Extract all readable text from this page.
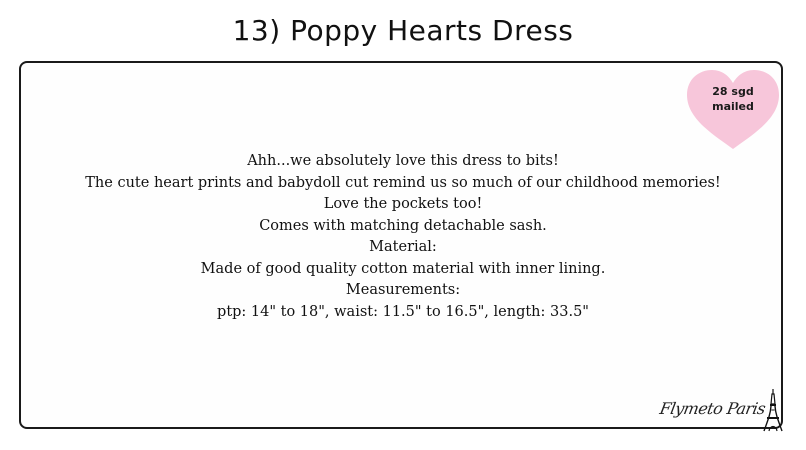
13) Poppy Hearts Dress
28 sgd
mailed
Ahh...we absolutely love this dress to bits!
The cute heart prints and babydoll cut remind us so much of our childhood memories!
Love the pockets too!
Comes with matching detachable sash.
Material:
Made of good quality cotton material with inner lining.
Measurements:
ptp: 14" to 18", waist: 11.5" to 16.5", length: 33.5"
Flymeto Paris
